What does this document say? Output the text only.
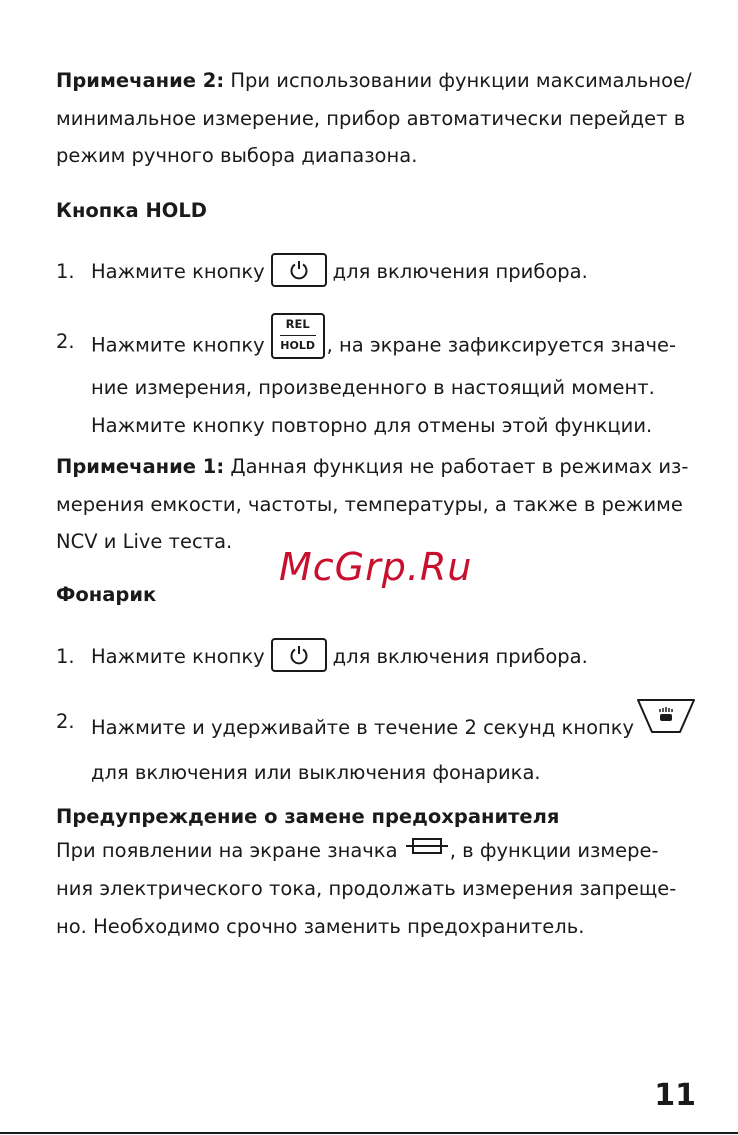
Примечание 2: При использовании функции максимальное/
минимальное измерение, прибор автоматически перейдет в
режим ручного выбора диапазона.

Кнопка HOLD
1. Нажмите кнопку	для включения прибора.
2. Нажмите кнопку
REL
HOLD , на экране зафиксируется значе-
ние измерения, произведенного в настоящий момент.
Нажмите кнопку повторно для отмены этой функции.

Примечание 1: Данная функция не работает в режимах из-
мерения емкости, частоты, температуры, а также в режиме
NCV и Live теста.

McGrp.Ru
Фонарик
1. Нажмите кнопку	для включения прибора.
2. Нажмите и удерживайте в течение 2 секунд кнопку
для включения или выключения фонарика.
Предупреждение о замене предохранителя

При появлении на экране значка , в функции измере-
ния электрического тока, продолжать измерения запреще-
но. Необходимо срочно заменить предохранитель.

11
